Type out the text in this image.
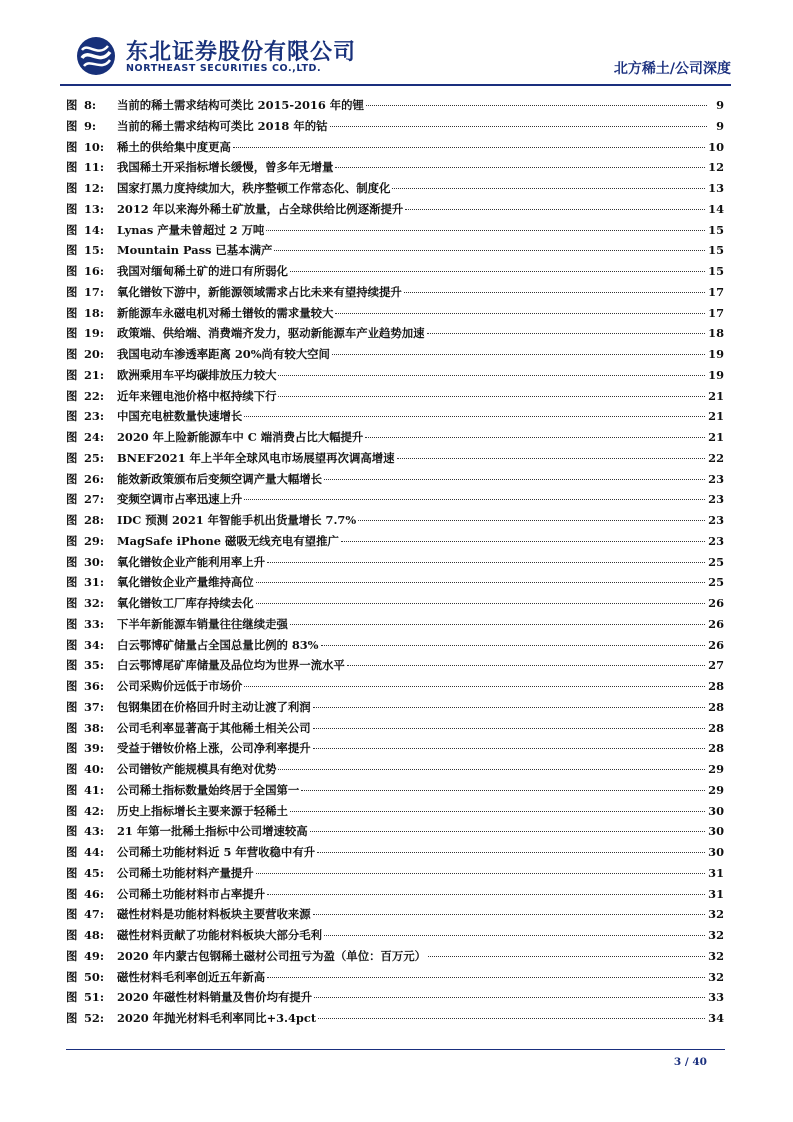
东北证券股份有限公司
NORTHEAST SECURITIES CO.,LTD.	北方稀土/公司深度
图 8:	当前的稀土需求结构可类比 2015-2016 年的锂	9
图 9:	当前的稀土需求结构可类比 2018 年的钴	9
图 10:	稀土的供给集中度更高	10
图 11:	我国稀土开采指标增长缓慢，曾多年无增量	12
图 12:	国家打黑力度持续加大，秩序整顿工作常态化、制度化	13
图 13:	2012 年以来海外稀土矿放量，占全球供给比例逐渐提升	14
图 14:	Lynas 产量未曾超过 2 万吨	15
图 15:	Mountain Pass 已基本满产	15
图 16:	我国对缅甸稀土矿的进口有所弱化	15
图 17:	氧化镨钕下游中，新能源领域需求占比未来有望持续提升	17
图 18:	新能源车永磁电机对稀土镨钕的需求量较大	17
图 19:	政策端、供给端、消费端齐发力，驱动新能源车产业趋势加速	18
图 20:	我国电动车渗透率距离 20%尚有较大空间	19
图 21:	欧洲乘用车平均碳排放压力较大	19
图 22:	近年来锂电池价格中枢持续下行	21
图 23:	中国充电桩数量快速增长	21
图 24:	2020 年上险新能源车中 C 端消费占比大幅提升	21
图 25:	BNEF2021 年上半年全球风电市场展望再次调高增速	22
图 26:	能效新政策颁布后变频空调产量大幅增长	23
图 27:	变频空调市占率迅速上升	23
图 28:	IDC 预测 2021 年智能手机出货量增长 7.7%	23
图 29:	MagSafe iPhone 磁吸无线充电有望推广	23
图 30:	氧化镨钕企业产能利用率上升	25
图 31:	氧化镨钕企业产量维持高位	25
图 32:	氧化镨钕工厂库存持续去化	26
图 33:	下半年新能源车销量往往继续走强	26
图 34:	白云鄂博矿储量占全国总量比例的 83%	26
图 35:	白云鄂博尾矿库储量及品位均为世界一流水平	27
图 36:	公司采购价远低于市场价	28
图 37:	包钢集团在价格回升时主动让渡了利润	28
图 38:	公司毛利率显著高于其他稀土相关公司	28
图 39:	受益于镨钕价格上涨，公司净利率提升	28
图 40:	公司镨钕产能规模具有绝对优势	29
图 41:	公司稀土指标数量始终居于全国第一	29
图 42:	历史上指标增长主要来源于轻稀土	30
图 43:	21 年第一批稀土指标中公司增速较高	30
图 44:	公司稀土功能材料近 5 年营收稳中有升	30
图 45:	公司稀土功能材料产量提升	31
图 46:	公司稀土功能材料市占率提升	31
图 47:	磁性材料是功能材料板块主要营收来源	32
图 48:	磁性材料贡献了功能材料板块大部分毛利	32
图 49:	2020 年内蒙古包钢稀土磁材公司扭亏为盈（单位：百万元）	32
图 50:	磁性材料毛利率创近五年新高	32
图 51:	2020 年磁性材料销量及售价均有提升	33
图 52:	2020 年抛光材料毛利率同比+3.4pct	34
3 / 40
